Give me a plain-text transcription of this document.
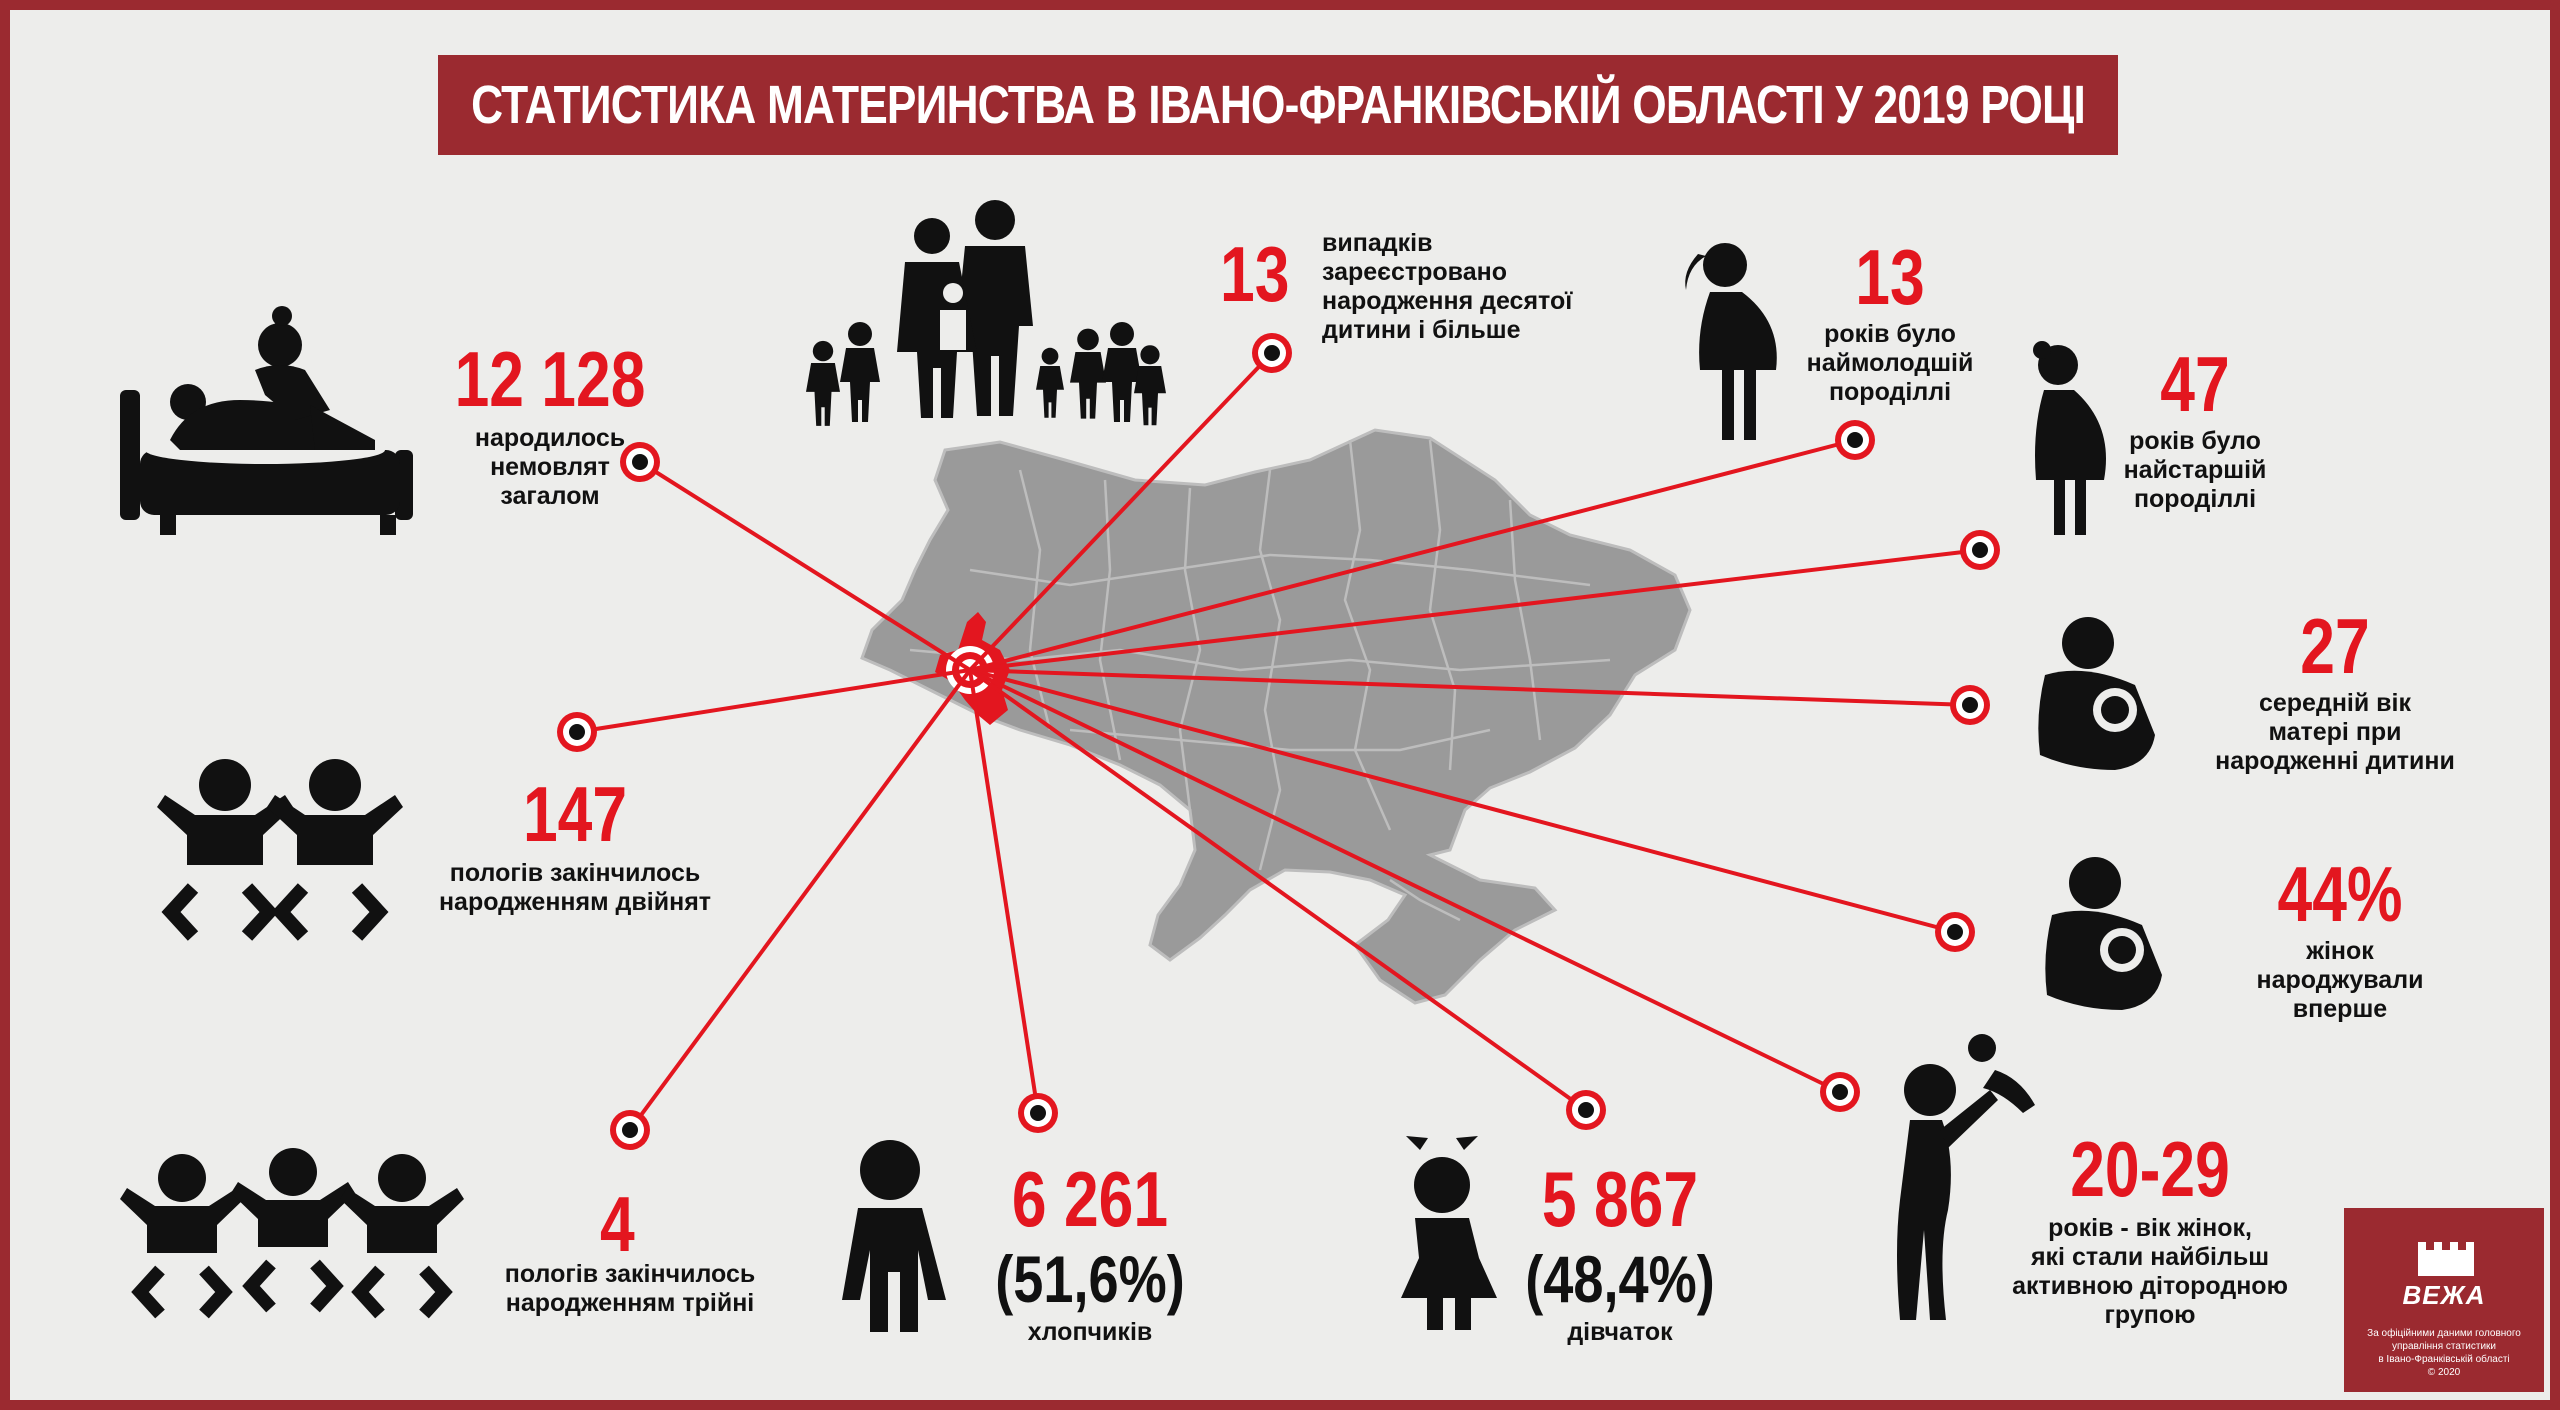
СТАТИСТИКА МАТЕРИНСТВА В ІВАНО-ФРАНКІВСЬКІЙ ОБЛАСТІ У 2019 РОЦІ
12 128
народилось
немовлят
загалом
13 випадків
зареєстровано
народження десятої
дитини і більше
13
років було
наймолодшій
породіллі	47
років було
найстаршій
породіллі
27
середній вік
матері при
народженні дитини
44%
жінок
народжували
вперше
147
пологів закінчилось
народженням двійнят
4
пологів закінчилось
народженням трійні
6 261
(51,6%)
хлопчиків
5 867
(48,4%)
дівчаток
20-29
років - вік жінок,
які стали найбільш
активною дітородною
групою
ВЕЖА
За офіційними даними головного
управління статистики
в Івано-Франківській області
© 2020
